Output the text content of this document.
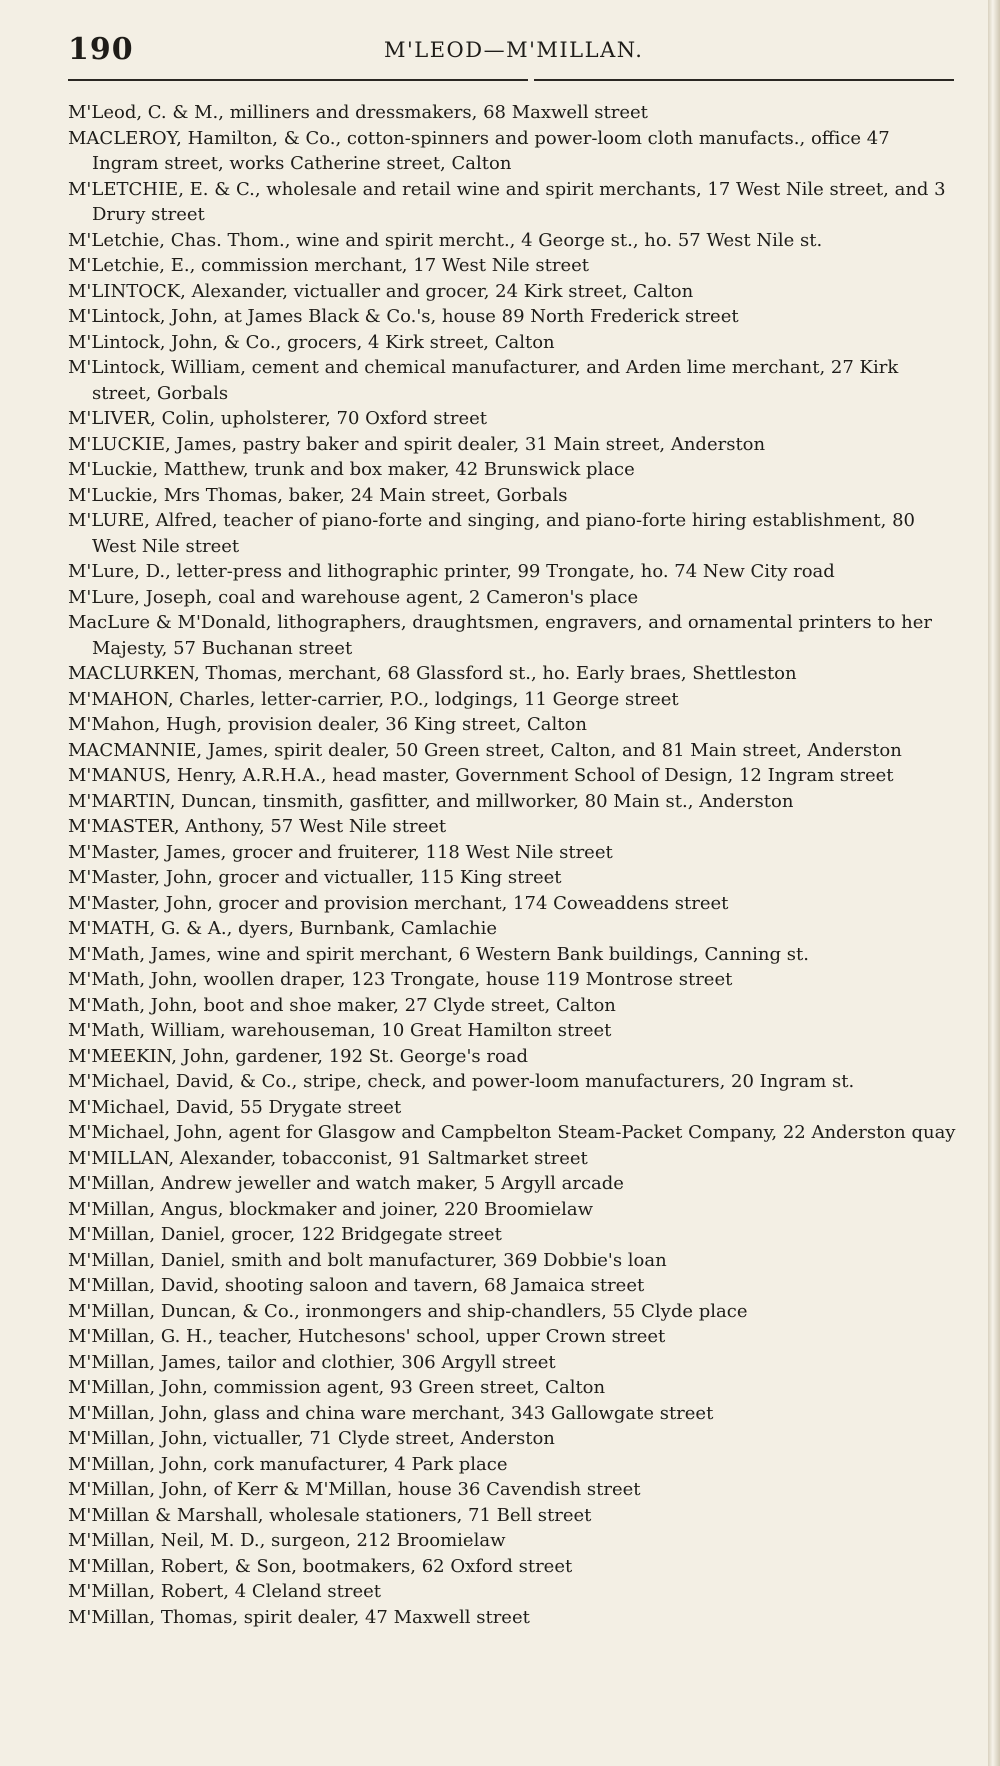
190	M'LEOD—M'MILLAN.
M'Leod, C. & M., milliners and dressmakers, 68 Maxwell street
MACLEROY, Hamilton, & Co., cotton-spinners and power-loom cloth manufacts., office 47 Ingram street, works Catherine street, Calton
M'LETCHIE, E. & C., wholesale and retail wine and spirit merchants, 17 West Nile street, and 3 Drury street
M'Letchie, Chas. Thom., wine and spirit mercht., 4 George st., ho. 57 West Nile st.
M'Letchie, E., commission merchant, 17 West Nile street
M'LINTOCK, Alexander, victualler and grocer, 24 Kirk street, Calton
M'Lintock, John, at James Black & Co.'s, house 89 North Frederick street
M'Lintock, John, & Co., grocers, 4 Kirk street, Calton
M'Lintock, William, cement and chemical manufacturer, and Arden lime merchant, 27 Kirk street, Gorbals
M'LIVER, Colin, upholsterer, 70 Oxford street
M'LUCKIE, James, pastry baker and spirit dealer, 31 Main street, Anderston
M'Luckie, Matthew, trunk and box maker, 42 Brunswick place
M'Luckie, Mrs Thomas, baker, 24 Main street, Gorbals
M'LURE, Alfred, teacher of piano-forte and singing, and piano-forte hiring establishment, 80 West Nile street
M'Lure, D., letter-press and lithographic printer, 99 Trongate, ho. 74 New City road
M'Lure, Joseph, coal and warehouse agent, 2 Cameron's place
MacLure & M'Donald, lithographers, draughtsmen, engravers, and ornamental printers to her Majesty, 57 Buchanan street
MACLURKEN, Thomas, merchant, 68 Glassford st., ho. Early braes, Shettleston
M'MAHON, Charles, letter-carrier, P.O., lodgings, 11 George street
M'Mahon, Hugh, provision dealer, 36 King street, Calton
MACMANNIE, James, spirit dealer, 50 Green street, Calton, and 81 Main street, Anderston
M'MANUS, Henry, A.R.H.A., head master, Government School of Design, 12 Ingram street
M'MARTIN, Duncan, tinsmith, gasfitter, and millworker, 80 Main st., Anderston
M'MASTER, Anthony, 57 West Nile street
M'Master, James, grocer and fruiterer, 118 West Nile street
M'Master, John, grocer and victualler, 115 King street
M'Master, John, grocer and provision merchant, 174 Coweaddens street
M'MATH, G. & A., dyers, Burnbank, Camlachie
M'Math, James, wine and spirit merchant, 6 Western Bank buildings, Canning st.
M'Math, John, woollen draper, 123 Trongate, house 119 Montrose street
M'Math, John, boot and shoe maker, 27 Clyde street, Calton
M'Math, William, warehouseman, 10 Great Hamilton street
M'MEEKIN, John, gardener, 192 St. George's road
M'Michael, David, & Co., stripe, check, and power-loom manufacturers, 20 Ingram st.
M'Michael, David, 55 Drygate street
M'Michael, John, agent for Glasgow and Campbelton Steam-Packet Company, 22 Anderston quay
M'MILLAN, Alexander, tobacconist, 91 Saltmarket street
M'Millan, Andrew jeweller and watch maker, 5 Argyll arcade
M'Millan, Angus, blockmaker and joiner, 220 Broomielaw
M'Millan, Daniel, grocer, 122 Bridgegate street
M'Millan, Daniel, smith and bolt manufacturer, 369 Dobbie's loan
M'Millan, David, shooting saloon and tavern, 68 Jamaica street
M'Millan, Duncan, & Co., ironmongers and ship-chandlers, 55 Clyde place
M'Millan, G. H., teacher, Hutchesons' school, upper Crown street
M'Millan, James, tailor and clothier, 306 Argyll street
M'Millan, John, commission agent, 93 Green street, Calton
M'Millan, John, glass and china ware merchant, 343 Gallowgate street
M'Millan, John, victualler, 71 Clyde street, Anderston
M'Millan, John, cork manufacturer, 4 Park place
M'Millan, John, of Kerr & M'Millan, house 36 Cavendish street
M'Millan & Marshall, wholesale stationers, 71 Bell street
M'Millan, Neil, M. D., surgeon, 212 Broomielaw
M'Millan, Robert, & Son, bootmakers, 62 Oxford street
M'Millan, Robert, 4 Cleland street
M'Millan, Thomas, spirit dealer, 47 Maxwell street
